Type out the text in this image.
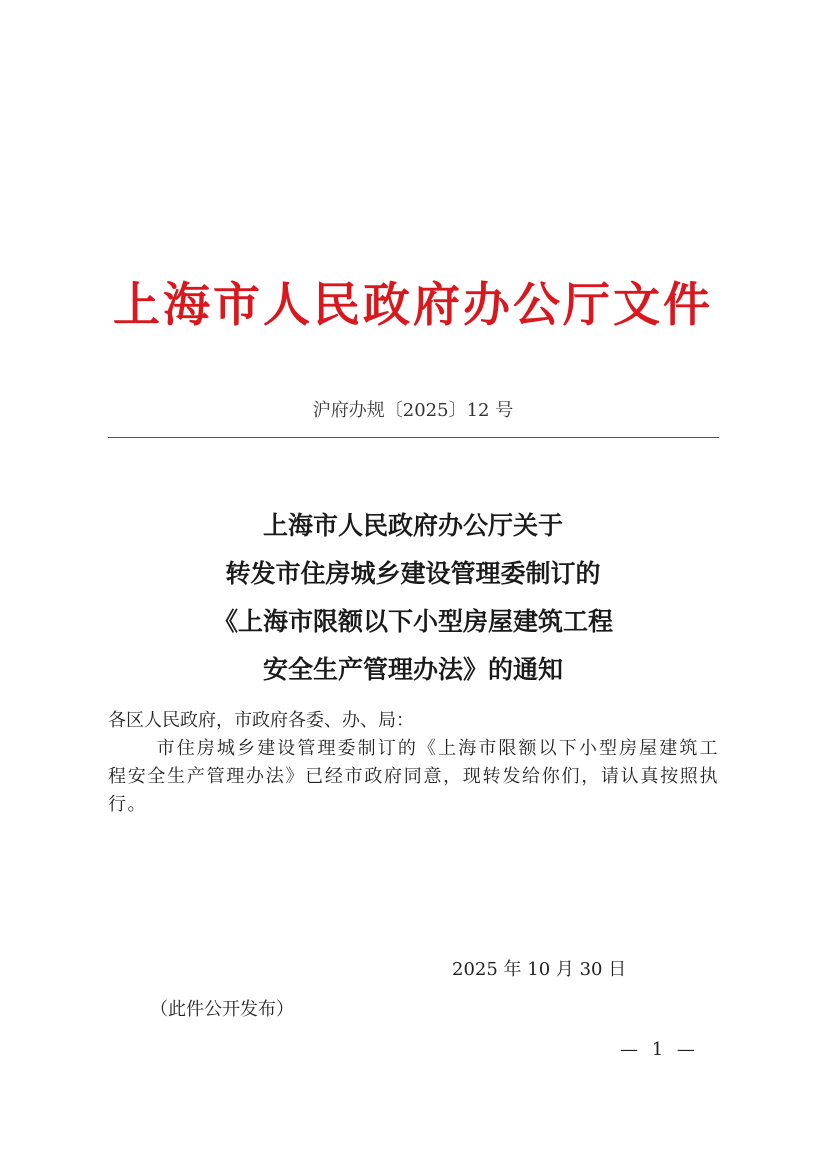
上海市人民政府办公厅文件
沪府办规〔2025〕12 号
上海市人民政府办公厅关于
转发市住房城乡建设管理委制订的
《上海市限额以下小型房屋建筑工程
安全生产管理办法》的通知
各区人民政府，市政府各委、办、局：
市住房城乡建设管理委制订的《上海市限额以下小型房屋建筑工程安全生产管理办法》已经市政府同意，现转发给你们，请认真按照执行。
2025 年 10 月 30 日
（此件公开发布）
— 1 —
